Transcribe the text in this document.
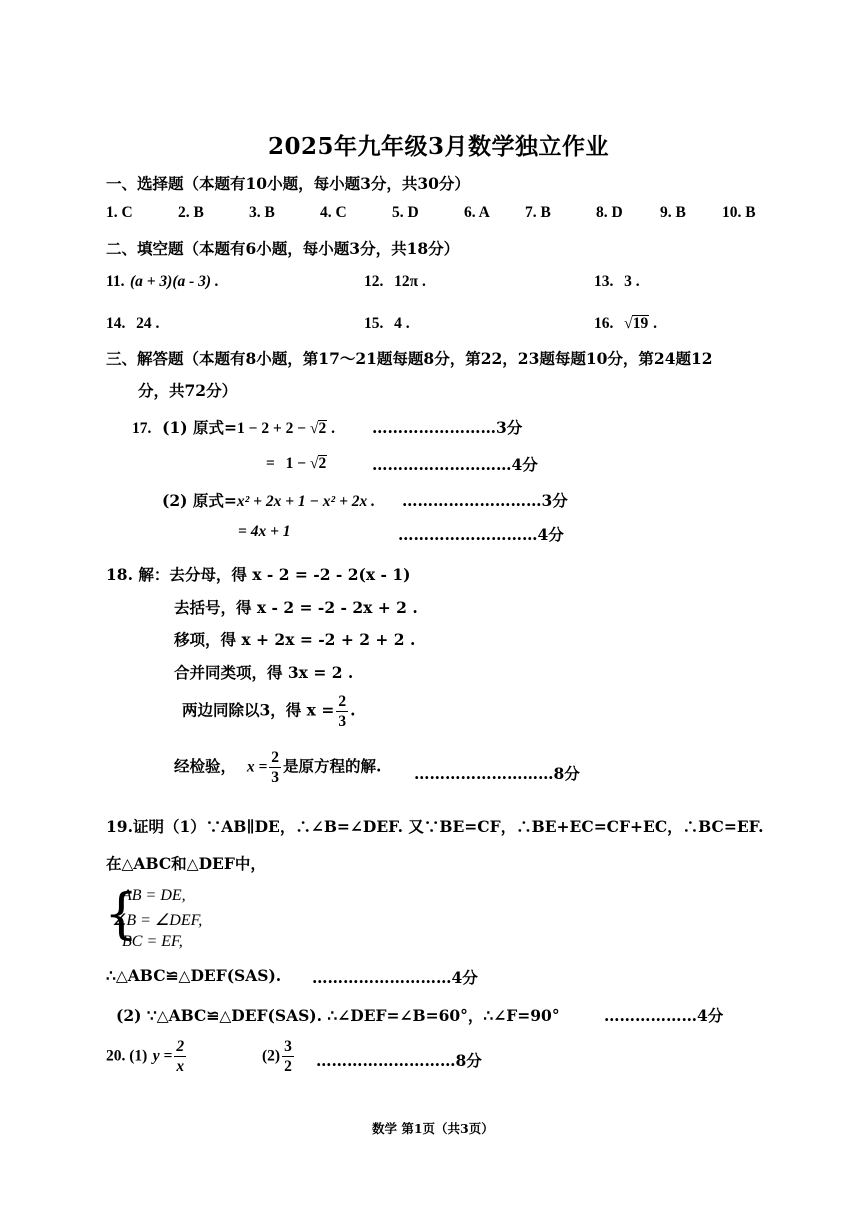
2025年九年级3月数学独立作业
一、选择题（本题有10小题，每小题3分，共30分）
1. C	2. B	3. B	4. C	5. D	6. A 7. B	8. D 9. B 10. B
二、填空题（本题有6小题，每小题3分，共18分）
11. (a + 3)(a - 3) .	12. 12π .	13. 3 .
14. 24 .	15. 4 .	16. √19 .
三、解答题（本题有8小题，第17～21题每题8分，第22，23题每题10分，第24题12
分，共72分）
17. (1) 原式=1 − 2 + 2 − √2 . ……………………3分
= 1 − √2	………………………4分
(2) 原式=x² + 2x + 1 − x² + 2x . ………………………3分
= 4x + 1	………………………4分
18. 解：去分母，得 x - 2 = -2 - 2(x - 1)
去括号，得 x - 2 = -2 - 2x + 2 .
移项，得 x + 2x = -2 + 2 + 2 .
合并同类项，得 3x = 2 .
两边同除以3，得 $x = \frac{2}{3}$ .
经检验， $x = \frac{2}{3}$ 是原方程的解. ………………………8分
19.证明（1）∵AB∥DE，∴∠B=∠DEF. 又∵BE=CF，∴BE+EC=CF+EC，∴BC=EF.
在△ABC和△DEF中，
{
AB = DE,
∠B = ∠DEF,
BC = EF,
∴△ABC≌△DEF(SAS). ………………………4分
(2) ∵△ABC≌△DEF(SAS). ∴∠DEF=∠B=60°，∴∠F=90°	………………4分
20. (1) $y = \frac{2}{x}$	$(2) \frac{3}{2}$ ………………………8分
数学 第1页（共3页）
